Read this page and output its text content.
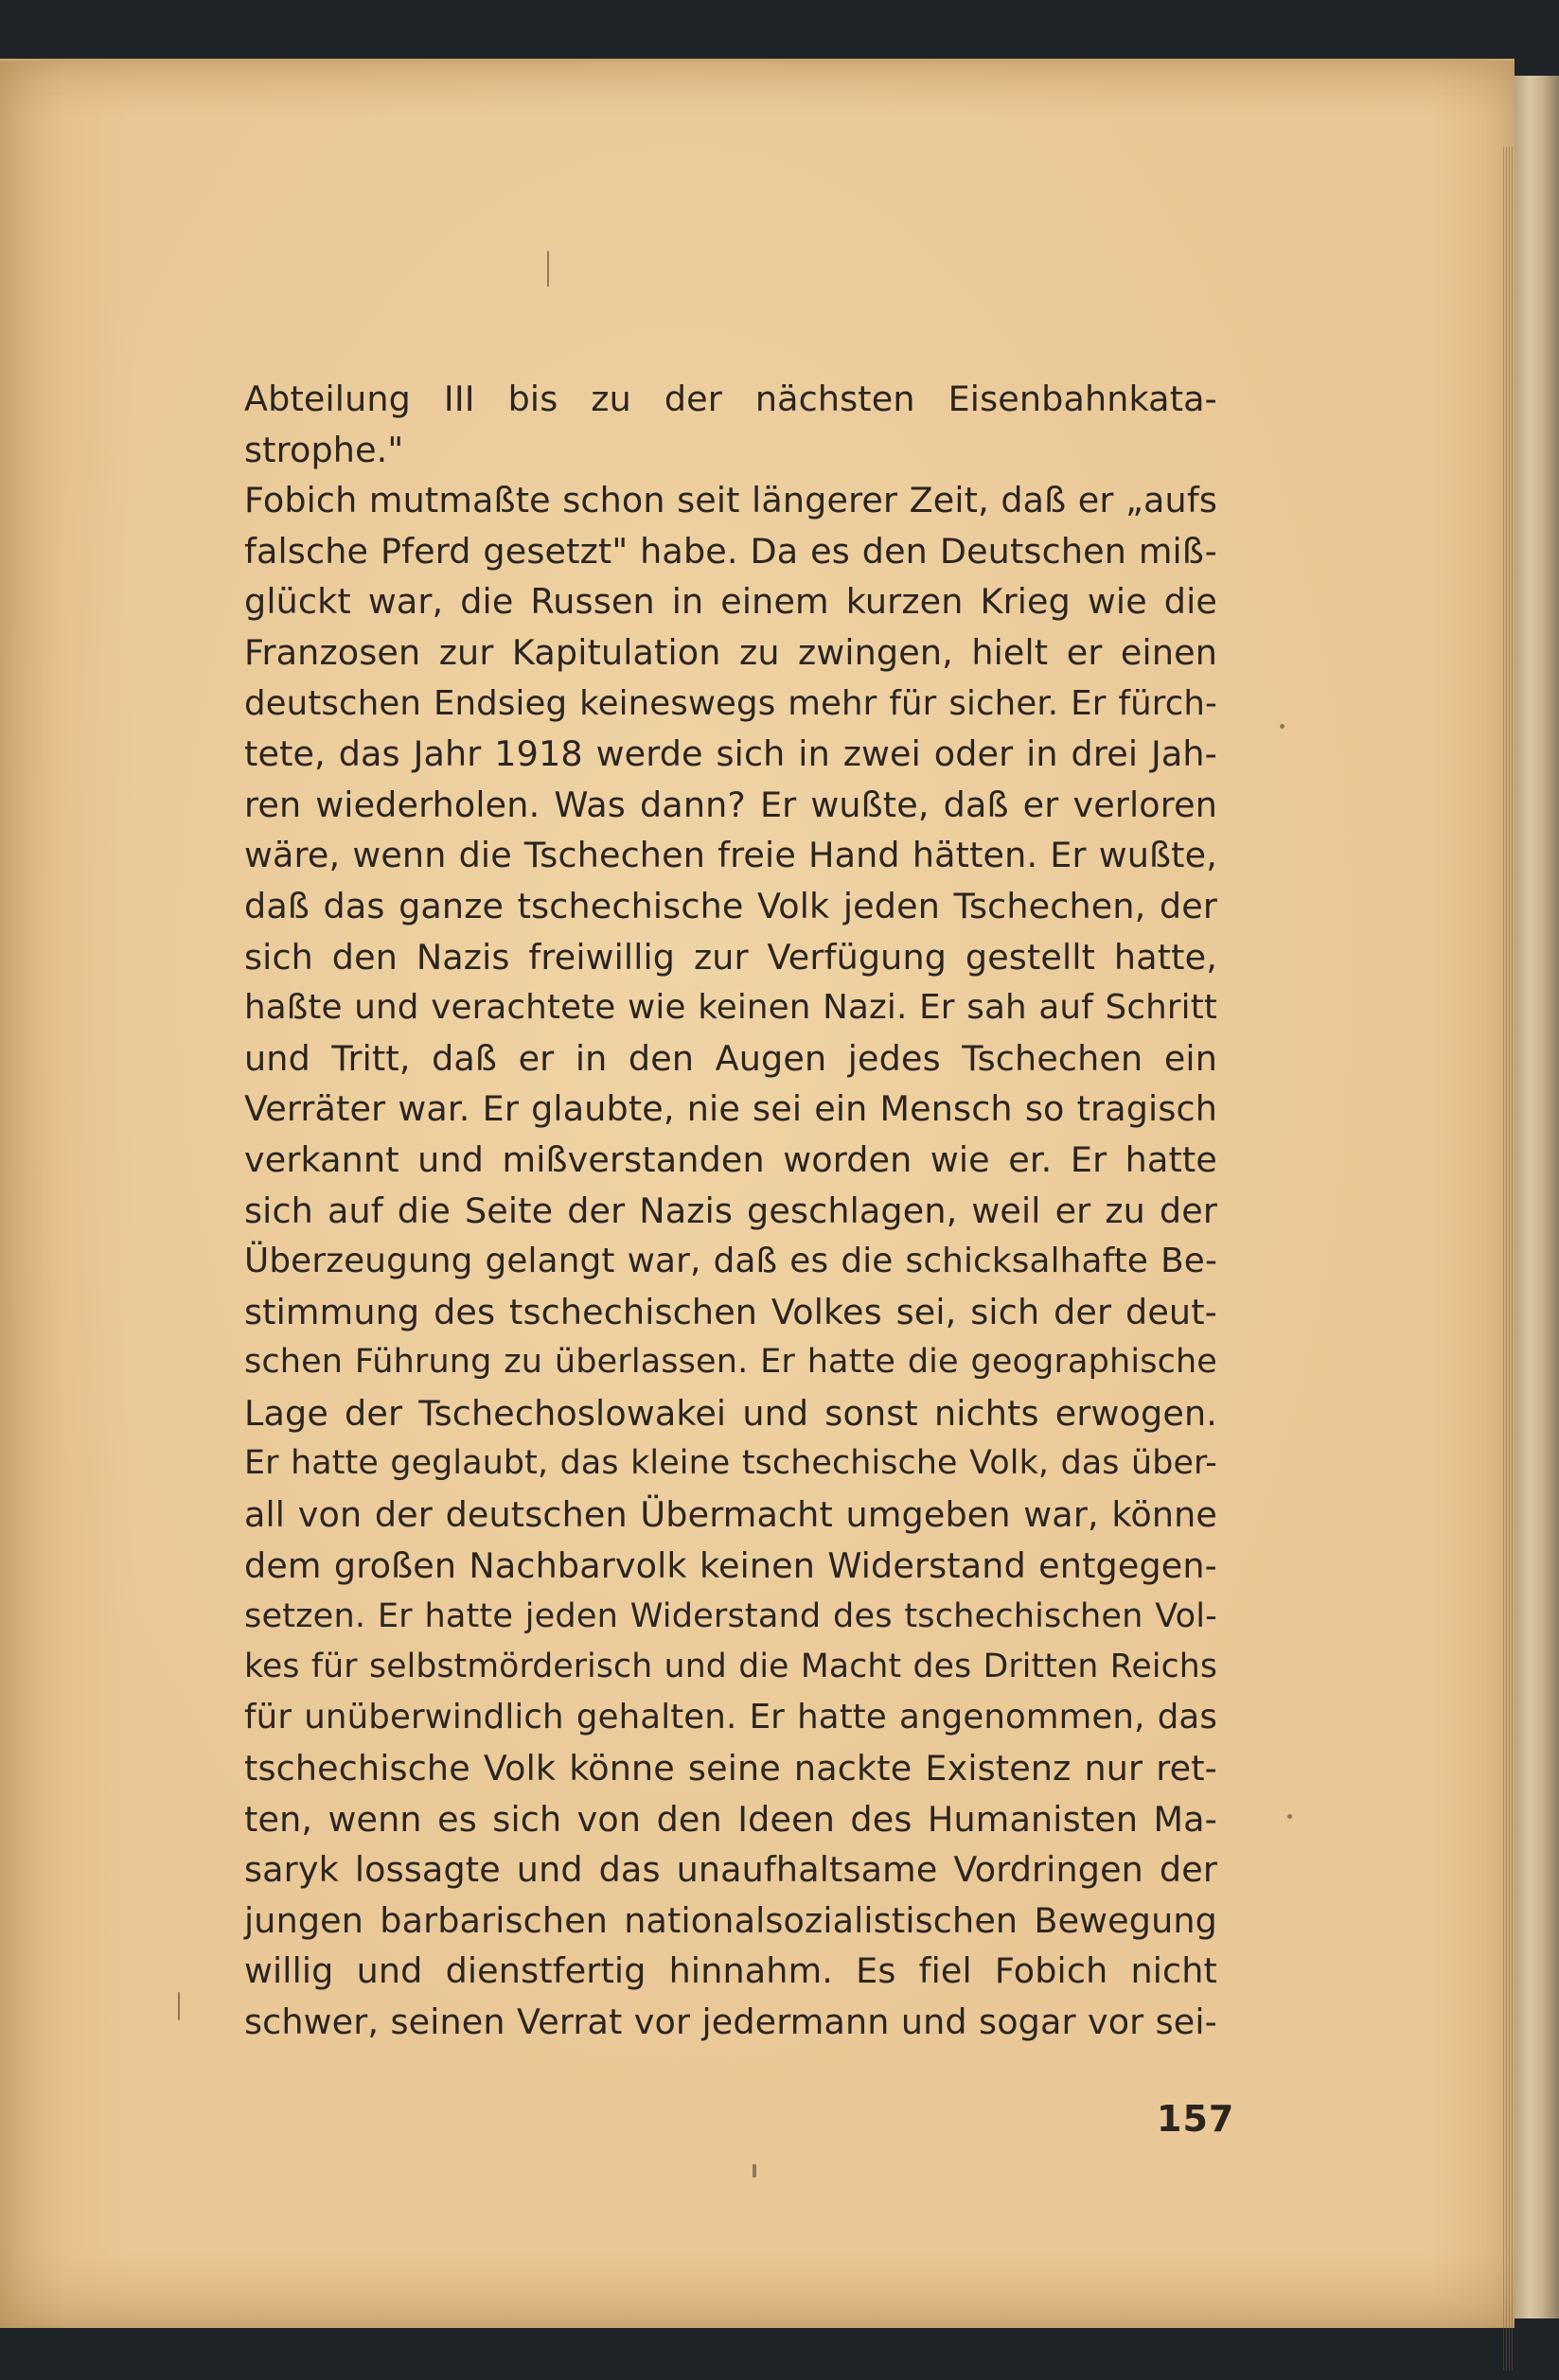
Abteilung III bis zu der nächsten Eisenbahnkata-
strophe."
Fobich mutmaßte schon seit längerer Zeit, daß er „aufs
falsche Pferd gesetzt" habe. Da es den Deutschen miß-
glückt war, die Russen in einem kurzen Krieg wie die
Franzosen zur Kapitulation zu zwingen, hielt er einen
deutschen Endsieg keineswegs mehr für sicher. Er fürch-
tete, das Jahr 1918 werde sich in zwei oder in drei Jah-
ren wiederholen. Was dann? Er wußte, daß er verloren
wäre, wenn die Tschechen freie Hand hätten. Er wußte,
daß das ganze tschechische Volk jeden Tschechen, der
sich den Nazis freiwillig zur Verfügung gestellt hatte,
haßte und verachtete wie keinen Nazi. Er sah auf Schritt
und Tritt, daß er in den Augen jedes Tschechen ein
Verräter war. Er glaubte, nie sei ein Mensch so tragisch
verkannt und mißverstanden worden wie er. Er hatte
sich auf die Seite der Nazis geschlagen, weil er zu der
Überzeugung gelangt war, daß es die schicksalhafte Be-
stimmung des tschechischen Volkes sei, sich der deut-
schen Führung zu überlassen. Er hatte die geographische
Lage der Tschechoslowakei und sonst nichts erwogen.
Er hatte geglaubt, das kleine tschechische Volk, das über-
all von der deutschen Übermacht umgeben war, könne
dem großen Nachbarvolk keinen Widerstand entgegen-
setzen. Er hatte jeden Widerstand des tschechischen Vol-
kes für selbstmörderisch und die Macht des Dritten Reichs
für unüberwindlich gehalten. Er hatte angenommen, das
tschechische Volk könne seine nackte Existenz nur ret-
ten, wenn es sich von den Ideen des Humanisten Ma-
saryk lossagte und das unaufhaltsame Vordringen der
jungen barbarischen nationalsozialistischen Bewegung
willig und dienstfertig hinnahm. Es fiel Fobich nicht
schwer, seinen Verrat vor jedermann und sogar vor sei-
157
